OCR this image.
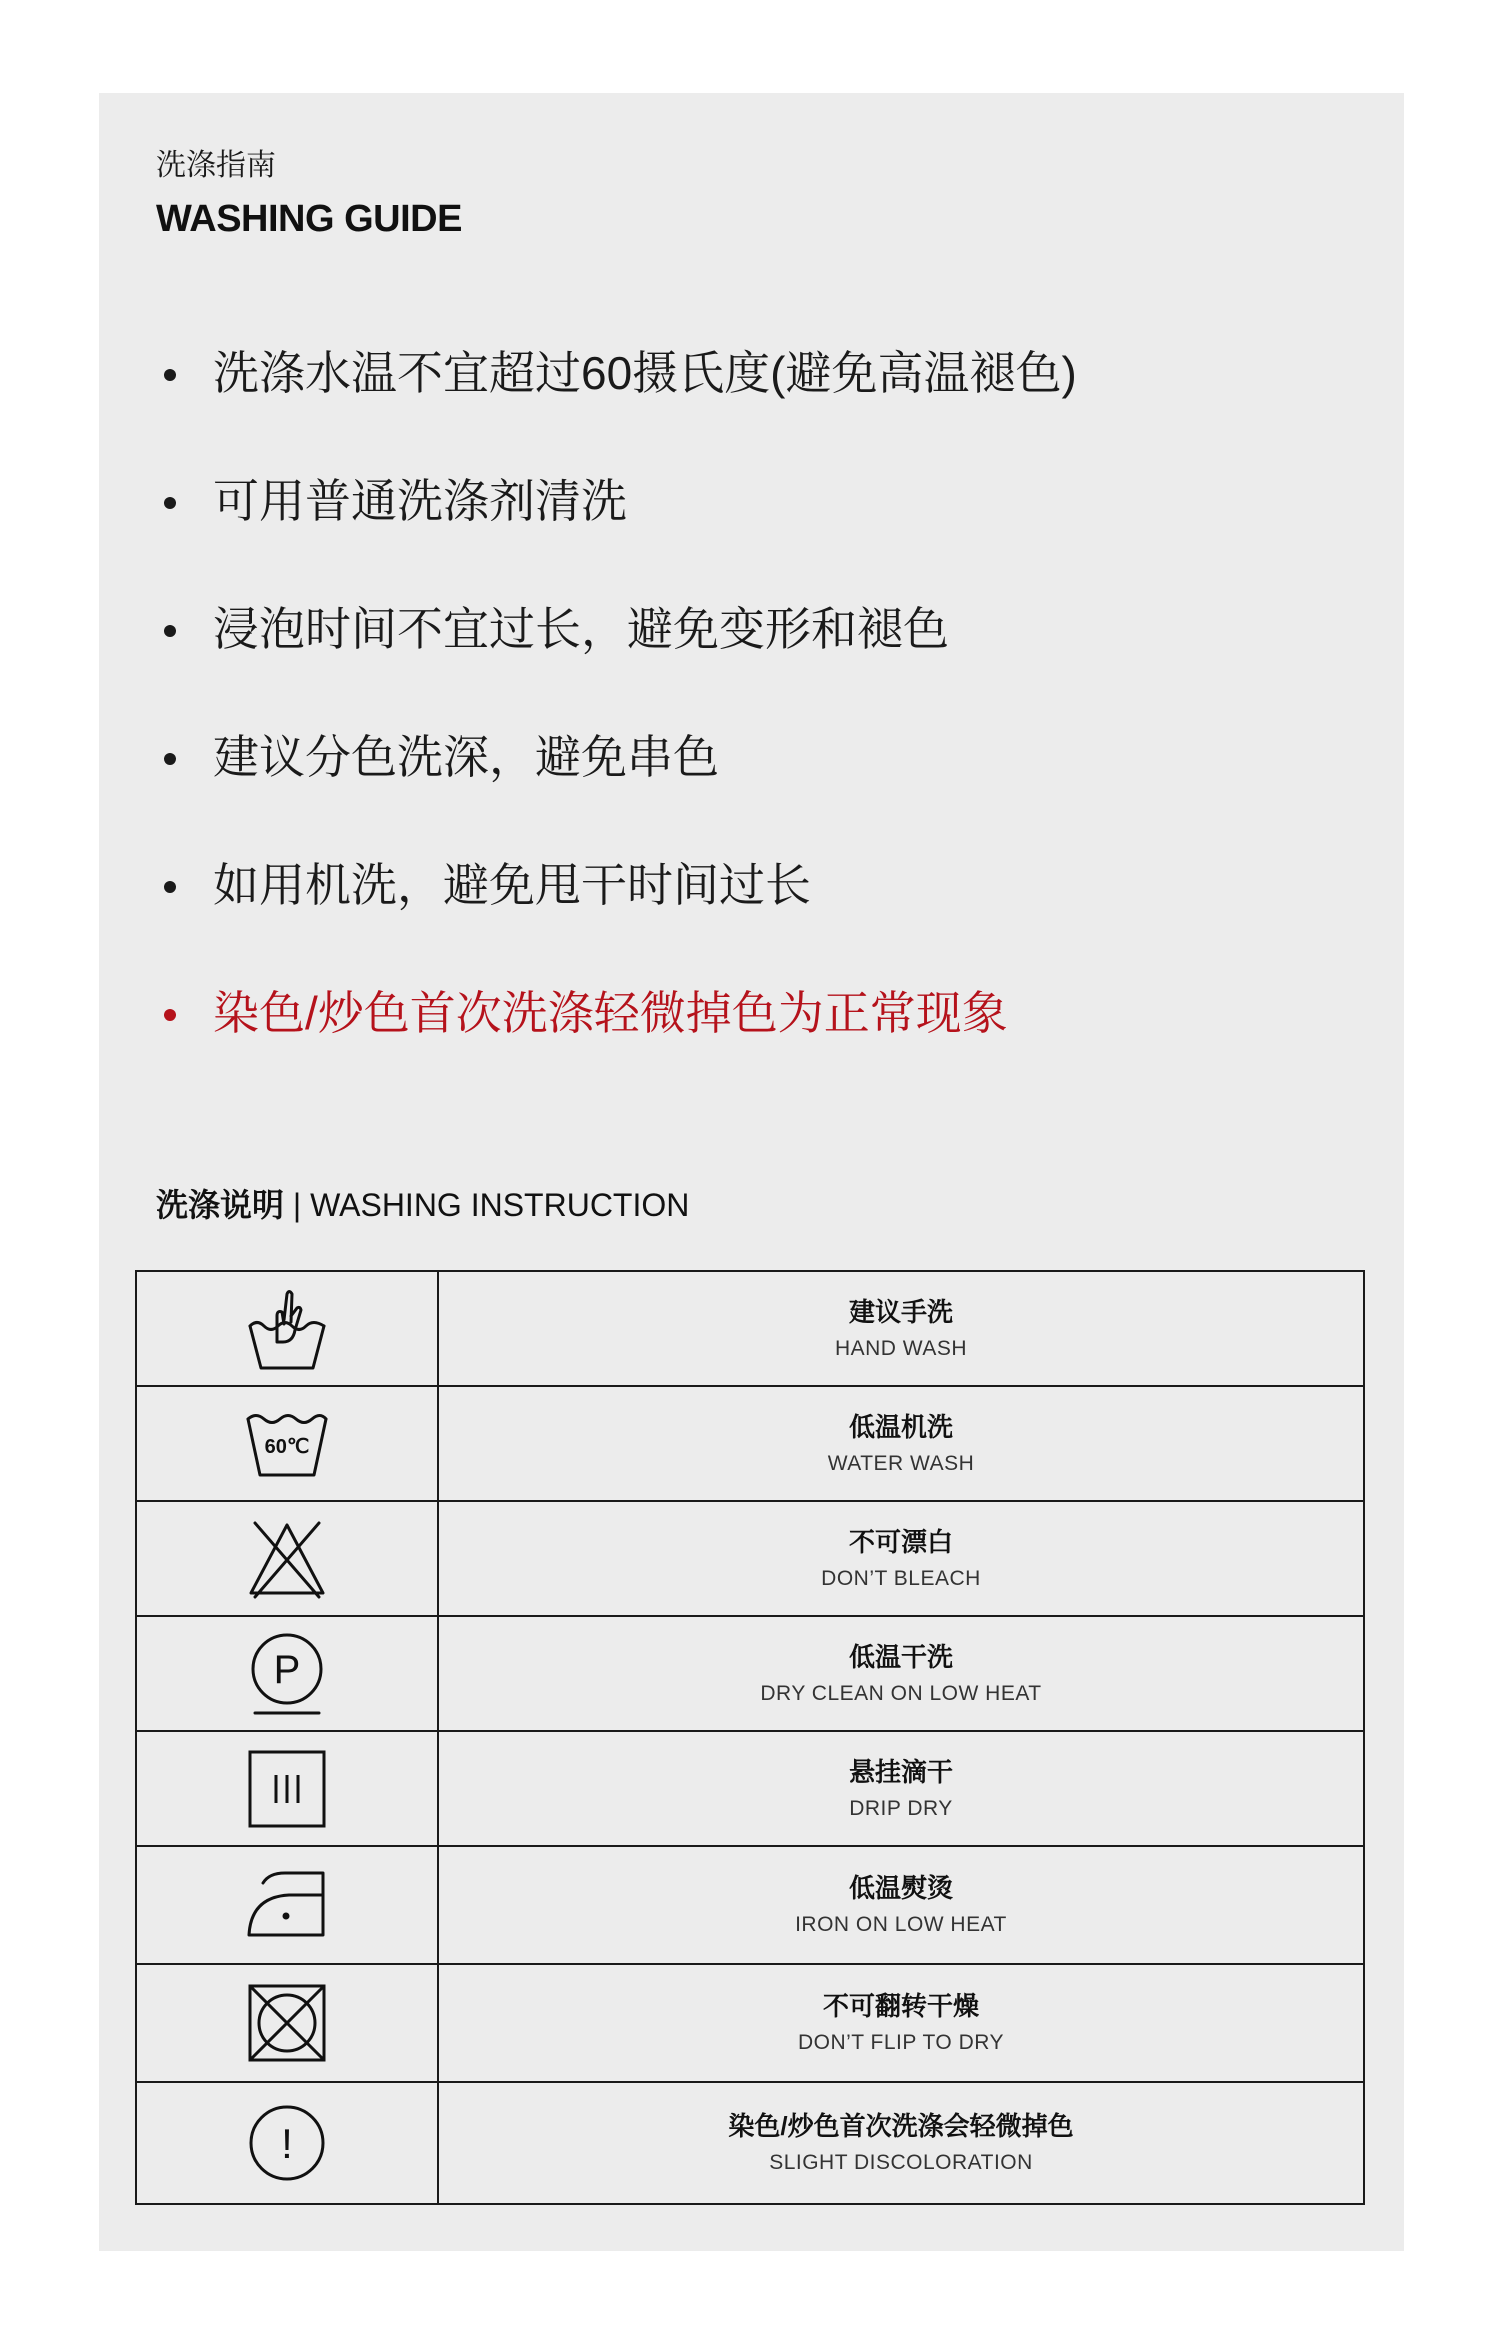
洗涤指南
WASHING GUIDE
洗涤水温不宜超过60摄氏度(避免高温褪色)
可用普通洗涤剂清洗
浸泡时间不宜过长，避免变形和褪色
建议分色洗深，避免串色
如用机洗，避免甩干时间过长
染色/炒色首次洗涤轻微掉色为正常现象
洗涤说明 | WASHING INSTRUCTION

建议手洗
HAND WASH

60℃	低温机洗
WATER WASH

不可漂白
DON’T BLEACH

P	低温干洗
DRY CLEAN ON LOW HEAT

悬挂滴干
DRIP DRY

低温熨烫
IRON ON LOW HEAT

不可翻转干燥
DON’T FLIP TO DRY

!	染色/炒色首次洗涤会轻微掉色
SLIGHT DISCOLORATION
